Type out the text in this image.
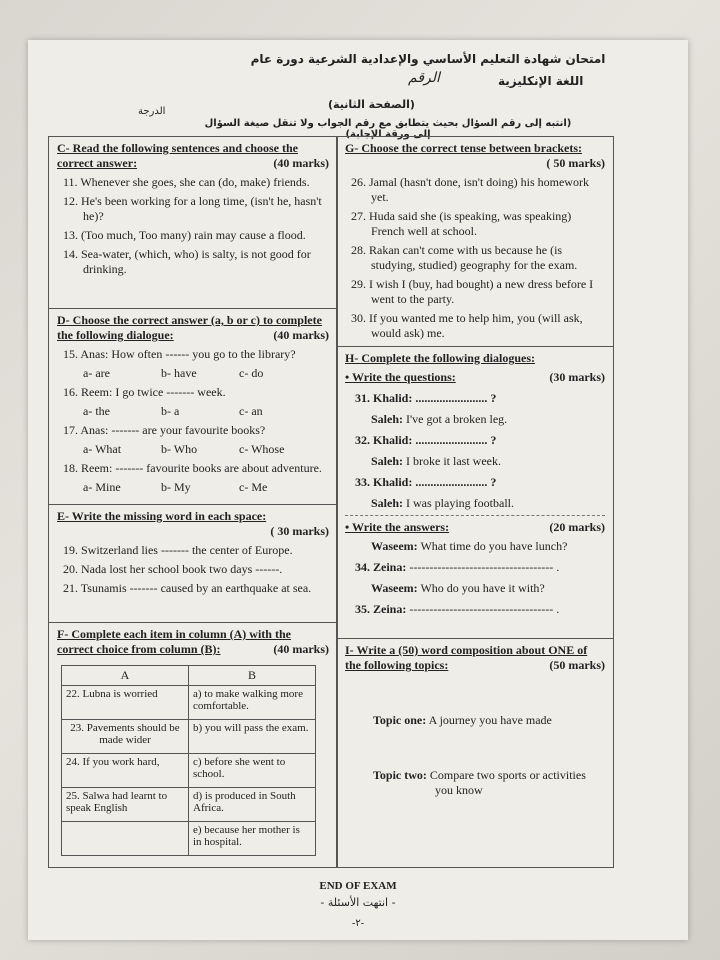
امتحان شهادة التعليم الأساسي والإعدادية الشرعية دورة عام
اللغة الإنكليزية
الرقم
الدرجة
(الصفحة الثانية)
(انتبه إلى رقم السؤال بحيث يتطابق مع رقم الجواب ولا تنقل صيغة السؤال إلى ورقة الإجابة)
C- Read the following sentences and choose the correct answer:	(40 marks)
11. Whenever she goes, she can (do, make) friends.
12. He's been working for a long time, (isn't he, hasn't he)?
13. (Too much, Too many) rain may cause a flood.
14. Sea-water, (which, who) is salty, is not good for drinking.
D- Choose the correct answer (a, b or c) to complete the following dialogue:	(40 marks)
15. Anas: How often ------ you go to the library?
a- are	b- have	c- do
16. Reem: I go twice ------- week.
a- the	b- a	c- an
17. Anas: ------- are your favourite books?
a- What	b- Who	c- Whose
18. Reem: ------- favourite books are about adventure.
a- Mine	b- My	c- Me
E- Write the missing word in each space:
( 30 marks)
19. Switzerland lies ------- the center of Europe.
20. Nada lost her school book two days ------.
21. Tsunamis ------- caused by an earthquake at sea.
F- Complete each item in column (A) with the correct choice from column (B):	(40 marks)
A	B
22. Lubna is worried	a) to make walking more comfortable.
23. Pavements should be made wider	b) you will pass the exam.
24. If you work hard,	c) before she went to school.
25. Salwa had learnt to speak English	d) is produced in South Africa.
	e) because her mother is in hospital.
G- Choose the correct tense between brackets:
( 50 marks)
26. Jamal (hasn't done, isn't doing) his homework yet.
27. Huda said she (is speaking, was speaking) French well at school.
28. Rakan can't come with us because he (is studying, studied) geography for the exam.
29. I wish I (buy, had bought) a new dress before I went to the party.
30. If you wanted me to help him, you (will ask, would ask) me.
H- Complete the following dialogues:
• Write the questions:	(30 marks)
31. Khalid: ........................ ?
Saleh: I've got a broken leg.
32. Khalid: ........................ ?
Saleh: I broke it last week.
33. Khalid: ........................ ?
Saleh: I was playing football.
• Write the answers:	(20 marks)
Waseem: What time do you have lunch?
34. Zeina: ------------------------------------ .
Waseem: Who do you have it with?
35. Zeina: ------------------------------------ .
I- Write a (50) word composition about ONE of the following topics:	(50 marks)
Topic one: A journey you have made
Topic two: Compare two sports or activities you know
END OF EXAM
- انتهت الأسئلة -
-٢-
